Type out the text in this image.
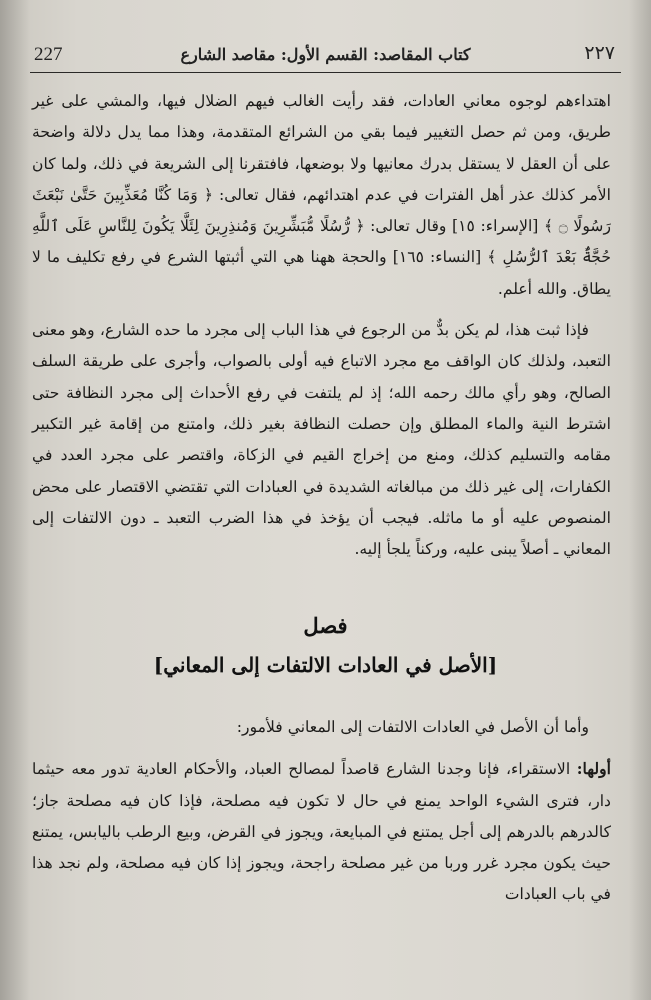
227	كتاب المقاصد: القسم الأول: مقاصد الشارع	٢٢٧

اهتداءهم لوجوه معاني العادات، فقد رأيت الغالب فيهم الضلال فيها، والمشي على غير طريق، ومن ثم حصل التغيير فيما بقي من الشرائع المتقدمة، وهذا مما يدل دلالة واضحة على أن العقل لا يستقل بدرك معانيها ولا بوضعها، فافتقرنا إلى الشريعة في ذلك، ولما كان الأمر كذلك عذر أهل الفترات في عدم اهتدائهم، فقال تعالى: ﴿ وَمَا كُنَّا مُعَذِّبِينَ حَتَّىٰ نَبْعَثَ رَسُولًا ۝ ﴾ [الإسراء: ١٥] وقال تعالى: ﴿ رُّسُلًا مُّبَشِّرِينَ وَمُنذِرِينَ لِئَلَّا يَكُونَ لِلنَّاسِ عَلَى ٱللَّهِ حُجَّةٌۢ بَعْدَ ٱلرُّسُلِ ﴾ [النساء: ١٦٥] والحجة ههنا هي التي أثبتها الشرع في رفع تكليف ما لا يطاق. والله أعلم.

فإذا ثبت هذا، لم يكن بدٌّ من الرجوع في هذا الباب إلى مجرد ما حده الشارع، وهو معنى التعبد، ولذلك كان الواقف مع مجرد الاتباع فيه أولى بالصواب، وأجرى على طريقة السلف الصالح، وهو رأي مالك رحمه الله؛ إذ لم يلتفت في رفع الأحداث إلى مجرد النظافة حتى اشترط النية والماء المطلق وإن حصلت النظافة بغير ذلك، وامتنع من إقامة غير التكبير مقامه والتسليم كذلك، ومنع من إخراج القيم في الزكاة، واقتصر على مجرد العدد في الكفارات، إلى غير ذلك من مبالغاته الشديدة في العبادات التي تقتضي الاقتصار على محض المنصوص عليه أو ما ماثله. فيجب أن يؤخذ في هذا الضرب التعبد ـ دون الالتفات إلى المعاني ـ أصلاً يبنى عليه، وركناً يلجأ إليه.

فصل
[الأصل في العادات الالتفات إلى المعاني]

وأما أن الأصل في العادات الالتفات إلى المعاني فلأمور:

أولها: الاستقراء، فإنا وجدنا الشارع قاصداً لمصالح العباد، والأحكام العادية تدور معه حيثما دار، فترى الشيء الواحد يمنع في حال لا تكون فيه مصلحة، فإذا كان فيه مصلحة جاز؛ كالدرهم بالدرهم إلى أجل يمتنع في المبايعة، ويجوز في القرض، وبيع الرطب باليابس، يمتنع حيث يكون مجرد غرر وربا من غير مصلحة راجحة، ويجوز إذا كان فيه مصلحة، ولم نجد هذا في باب العبادات
